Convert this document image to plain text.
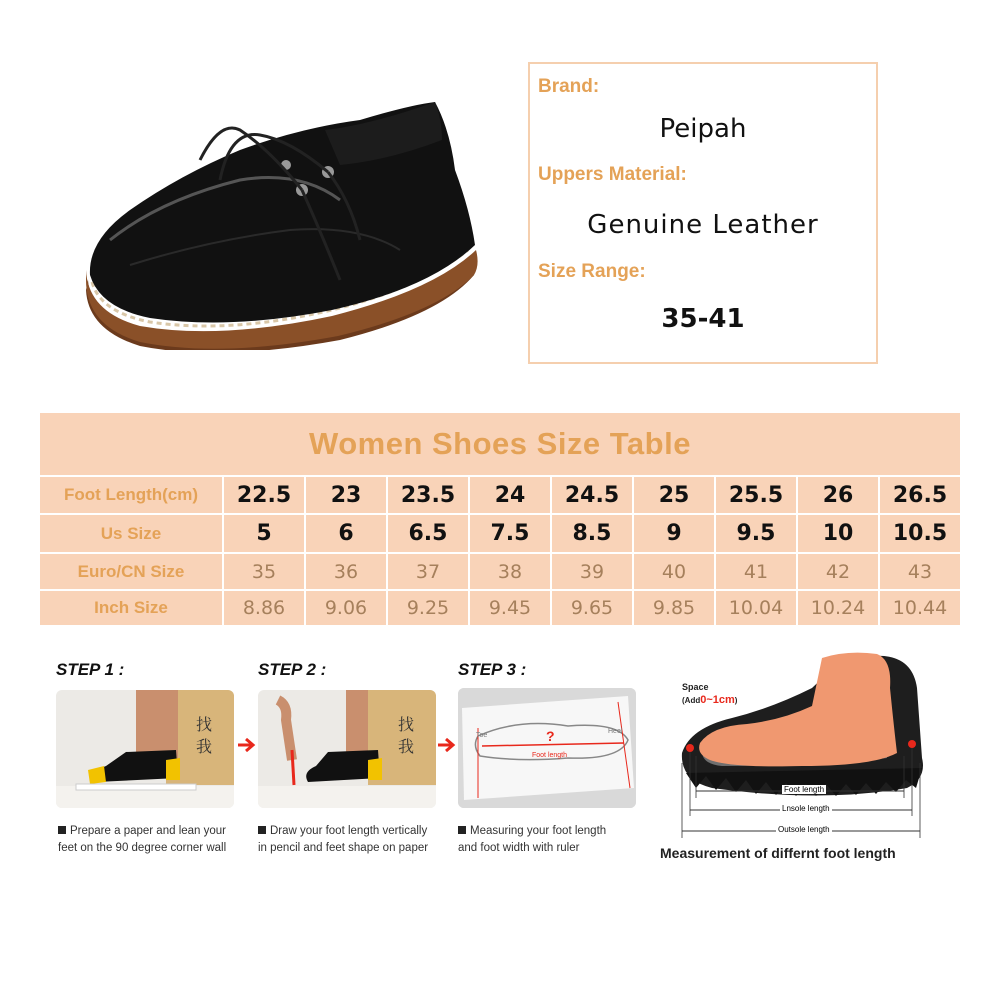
Brand:
Peipah
Uppers Material:
Genuine Leather
Size Range:
35-41
Women Shoes Size Table
Foot Length(cm)	22.5	23	23.5	24	24.5	25	25.5	26	26.5
Us Size	5	6	6.5	7.5	8.5	9	9.5	10	10.5
Euro/CN Size	35	36	37	38	39	40	41	42	43
Inch Size	8.86	9.06	9.25	9.45	9.65	9.85	10.04	10.24	10.44
STEP 1 :
找
我
Prepare a paper and lean your
feet on the 90 degree corner wall
STEP 2 :
找
我
Draw your foot length vertically
in pencil and feet shape on paper
STEP 3 :
?
Foot length
Toe
Heel
Measuring your foot length
and foot width with ruler
Space
(Add0~1cm)
Foot length
Lnsole length
Outsole length
Measurement of differnt foot length
